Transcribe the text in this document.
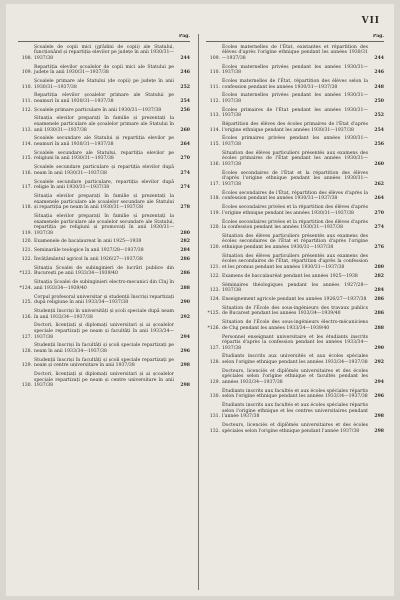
VII
Pag.
108.
Școalele de copii mici (grădini de copii) ale Statului, funcționând și repartiția elevilor pe județe în anii 1930/31—1937/38	244
109.
Repartiția elevilor școalelor de copii mici ale Statului pe județe în anii 1930/31—1937/38	246
110.
Școalele primare ale Statului (de copii) pe județe în anii 1930/31—1937/38	252
111.
Repartiția elevilor școalelor primare ale Statului pe neamuri în anii 1930/31—1937/38	254
112. Școalele primare particulare în anii 1930/31—1937/38	256
113.
Situația elevilor preparați în familie și prezentați la examenele particulare ale școalelor primare ale Statului în anii 1930/31—1937/38	260
114.
Școalele secundare ale Statului și repartiția elevilor pe neamuri în anii 1930/31—1937/38	264
115.
Școalele secundare ale Statului, repartiția elevilor pe religiuni în anii 1930/31—1937/38	270
116.
Școalele secundare particulare și repartiția elevilor după neam în anii 1930/31—1937/38	274
117.
Școalele secundare particulare, repartiția elevilor după religie în anii 1930/31—1937/38	274
118.
Situația elevilor preparați în familie și prezentați la examenele particulare ale școalelor secundare ale Statului și repartiția pe neam în anii 1930/31—1937/38	278
119.
Situația elevilor preparați în familie și prezentați la examenele particulare ale școalelor secundare ale Statului, repartiția pe religiuni și promovați în anii 1930/31—1937/38	280
120. Examenele de bacalaureat în anii 1925—1938	282
121. Seminariile teologice în anii 1927/28—1937/38	284
122. Învățământul agricol în anii 1926/27—1937/38	286
*123.
Situația Școalei de subinginieri de lucrări publice din București pe anii 1933/34—1939/40	286
*124.
Situația Școalei de subinginieri electro-mecanici din Cluj în anii 1933/34—1939/40	288
125.
Corpul profesoral universitar și studenții înscriși repartizați după religiune în anii 1933/34—1937/38	290
126.
Studenții înscriși în universități și școli speciale după neam în anii 1933/34—1937/38	292
127.
Doctori, licențiați și diplomați universitari și ai școalelor speciale repartizați pe neam și facultăți în anii 1933/34—1937/38	294
128.
Studenții înscriși în facultăți și școli speciale repartizați pe neam în anii 1933/34—1937/38	296
129.
Studenții înscriși în facultăți și școli speciale repartizați pe neam și centre universitare în anii 1937/38	298
130.
Doctori, licențiați și diplomați universitari și ai școalelor speciale repartizați pe neam și centre universitare în anii 1937/38	298
Pag.
109.
Écoles maternelles de l'État, existantes et répartition des élèves d'après l'origine ethnique pendant les années 1930/31—1937/38	244
110.
Écoles maternelles privées pendant les années 1930/31—1937/38	246
111.
Écoles maternelles de l'État, répartition des élèves selon la confession pendant les années 1930/31—1937/38	248
112.
Écoles maternelles privées pendant les années 1930/31—1937/38	250
113.
Écoles primaires de l'État pendant les années 1930/31—1937/38	252
114.
Répartition des élèves des écoles primaires de l'État d'après l'origine ethnique pendant les années 1930/31—1937/38	254
115.
Écoles primaires privées pendant les années 1930/31—1937/38	256
116.
Situation des élèves particuliers présentés aux examens des écoles primaires de l'État pendant les années 1930/31—1937/38	260
117.
Écoles secondaires de l'État et la répartition des élèves d'après l'origine ethnique pendant les années 1930/31—1937/38	262
118.
Écoles secondaires de l'État, répartition des élèves d'après la confession pendant les années 1930/31—1937/38	264
119.
Écoles secondaires privées et la répartition des élèves d'après l'origine ethnique pendant les années 1930/31—1937/38	270
120.
Écoles secondaires privées et la répartition des élèves d'après la confession pendant les années 1930/31—1937/38	274
120.
Situation des élèves particuliers présentés aux examens des écoles secondaires de l'État et répartition d'après l'origine ethnique pendant les années 1930/31—1937/38	276
121.
Situation des élèves particuliers présentés aux examens des écoles secondaires de l'État, répartition d'après la confession et les promus pendant les années 1930/31—1937/38	280
122. Examens de baccalauréat pendant les années 1925—1938	282
123.
Séminaires théologiques pendant les années 1927/28—1937/38	284
124. Enseignement agricole pendant les années 1926/27—1937/38	286
*125.
Situation de l'École des sous-ingénieurs des travaux publics de Bucarest pendant les années 1933/34—1939/40	286
*126.
Situation de l'École des sous-ingénieurs électro-mécaniciens de Cluj pendant les années 1933/34—1939/40	288
127.
Personnel enseignant universitaire et les étudiants inscrits répartis d'après la confession pendant les années 1933/34—1937/38	290
128.
Étudiants inscrits aux universités et aux écoles spéciales selon l'origine ethnique pendant les années 1933/34—1937/38	292
129.
Docteurs, licenciés et diplômés universitaires et des écoles spéciales selon l'origine ethnique et facultés pendant les années 1933/34—1937/38	294
130.
Étudiants inscrits aux facultés et aux écoles spéciales répartis selon l'origine ethnique pendant les années 1933/34—1937/38	296
131.
Étudiants inscrits aux facultés et aux écoles spéciales répartis selon l'origine ethnique et les centres universitaires pendant l'année 1937/38	298
132.
Docteurs, licenciés et diplômés universitaires et des écoles spéciales selon l'origine ethnique pendant l'année 1937/38	298
